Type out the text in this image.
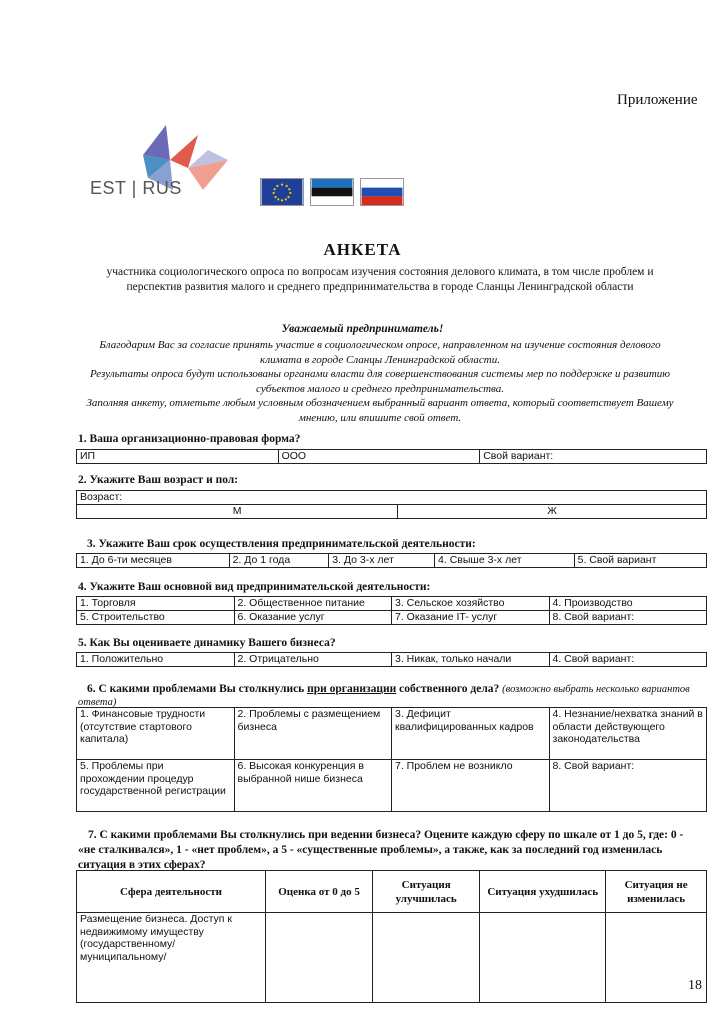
Приложение
EST | RUS
АНКЕТА
участника социологического опроса по вопросам изучения состояния делового климата, в том числе проблем и перспектив развития малого и среднего предпринимательства в городе Сланцы Ленинградской области
Уважаемый предприниматель!
Благодарим Вас за согласие принять участие в социологическом опросе, направленном на изучение состояния делового климата в городе Сланцы Ленинградской области.
Результаты опроса будут использованы органами власти для совершенствования системы мер по поддержке и развитию субъектов малого и среднего предпринимательства.
Заполняя анкету, отметьте любым условным обозначением выбранный вариант ответа, который соответствует Вашему мнению, или впишите свой ответ.
1. Ваша организационно-правовая форма?
ИП	ООО	Свой вариант:
2. Укажите Ваш возраст и пол:
Возраст:
М	Ж
3. Укажите Ваш срок осуществления предпринимательской деятельности:
1. До 6-ти месяцев	2. До 1 года	3. До 3-х лет	4. Свыше 3-х лет	5. Свой вариант
4. Укажите Ваш основной вид предпринимательской деятельности:
1. Торговля	2. Общественное питание	3. Сельское хозяйство	4. Производство
5. Строительство	6. Оказание услуг	7. Оказание IT- услуг	8. Свой вариант:
5. Как Вы оцениваете динамику Вашего бизнеса?
1. Положительно	2. Отрицательно	3. Никак, только начали	4. Свой вариант:
6. С какими проблемами Вы столкнулись при организации собственного дела? (возможно выбрать несколько вариантов ответа)
1. Финансовые трудности (отсутствие стартового капитала)	2. Проблемы с размещением бизнеса	3. Дефицит квалифицированных кадров	4. Незнание/нехватка знаний в области действующего законодательства
5. Проблемы при прохождении процедур государственной регистрации	6. Высокая конкуренция в выбранной нише бизнеса	7. Проблем не возникло	8. Свой вариант:
7. С какими проблемами Вы столкнулись при ведении бизнеса? Оцените каждую сферу по шкале от 1 до 5, где: 0 - «не сталкивался», 1 - «нет проблем», а 5 - «существенные проблемы», а также, как за последний год изменилась ситуация в этих сферах?
Сфера деятельности	Оценка от 0 до 5	Ситуация улучшилась	Ситуация ухудшилась	Ситуация не изменилась
Размещение бизнеса. Доступ к недвижимому имуществу (государственному/ муниципальному/				
18
